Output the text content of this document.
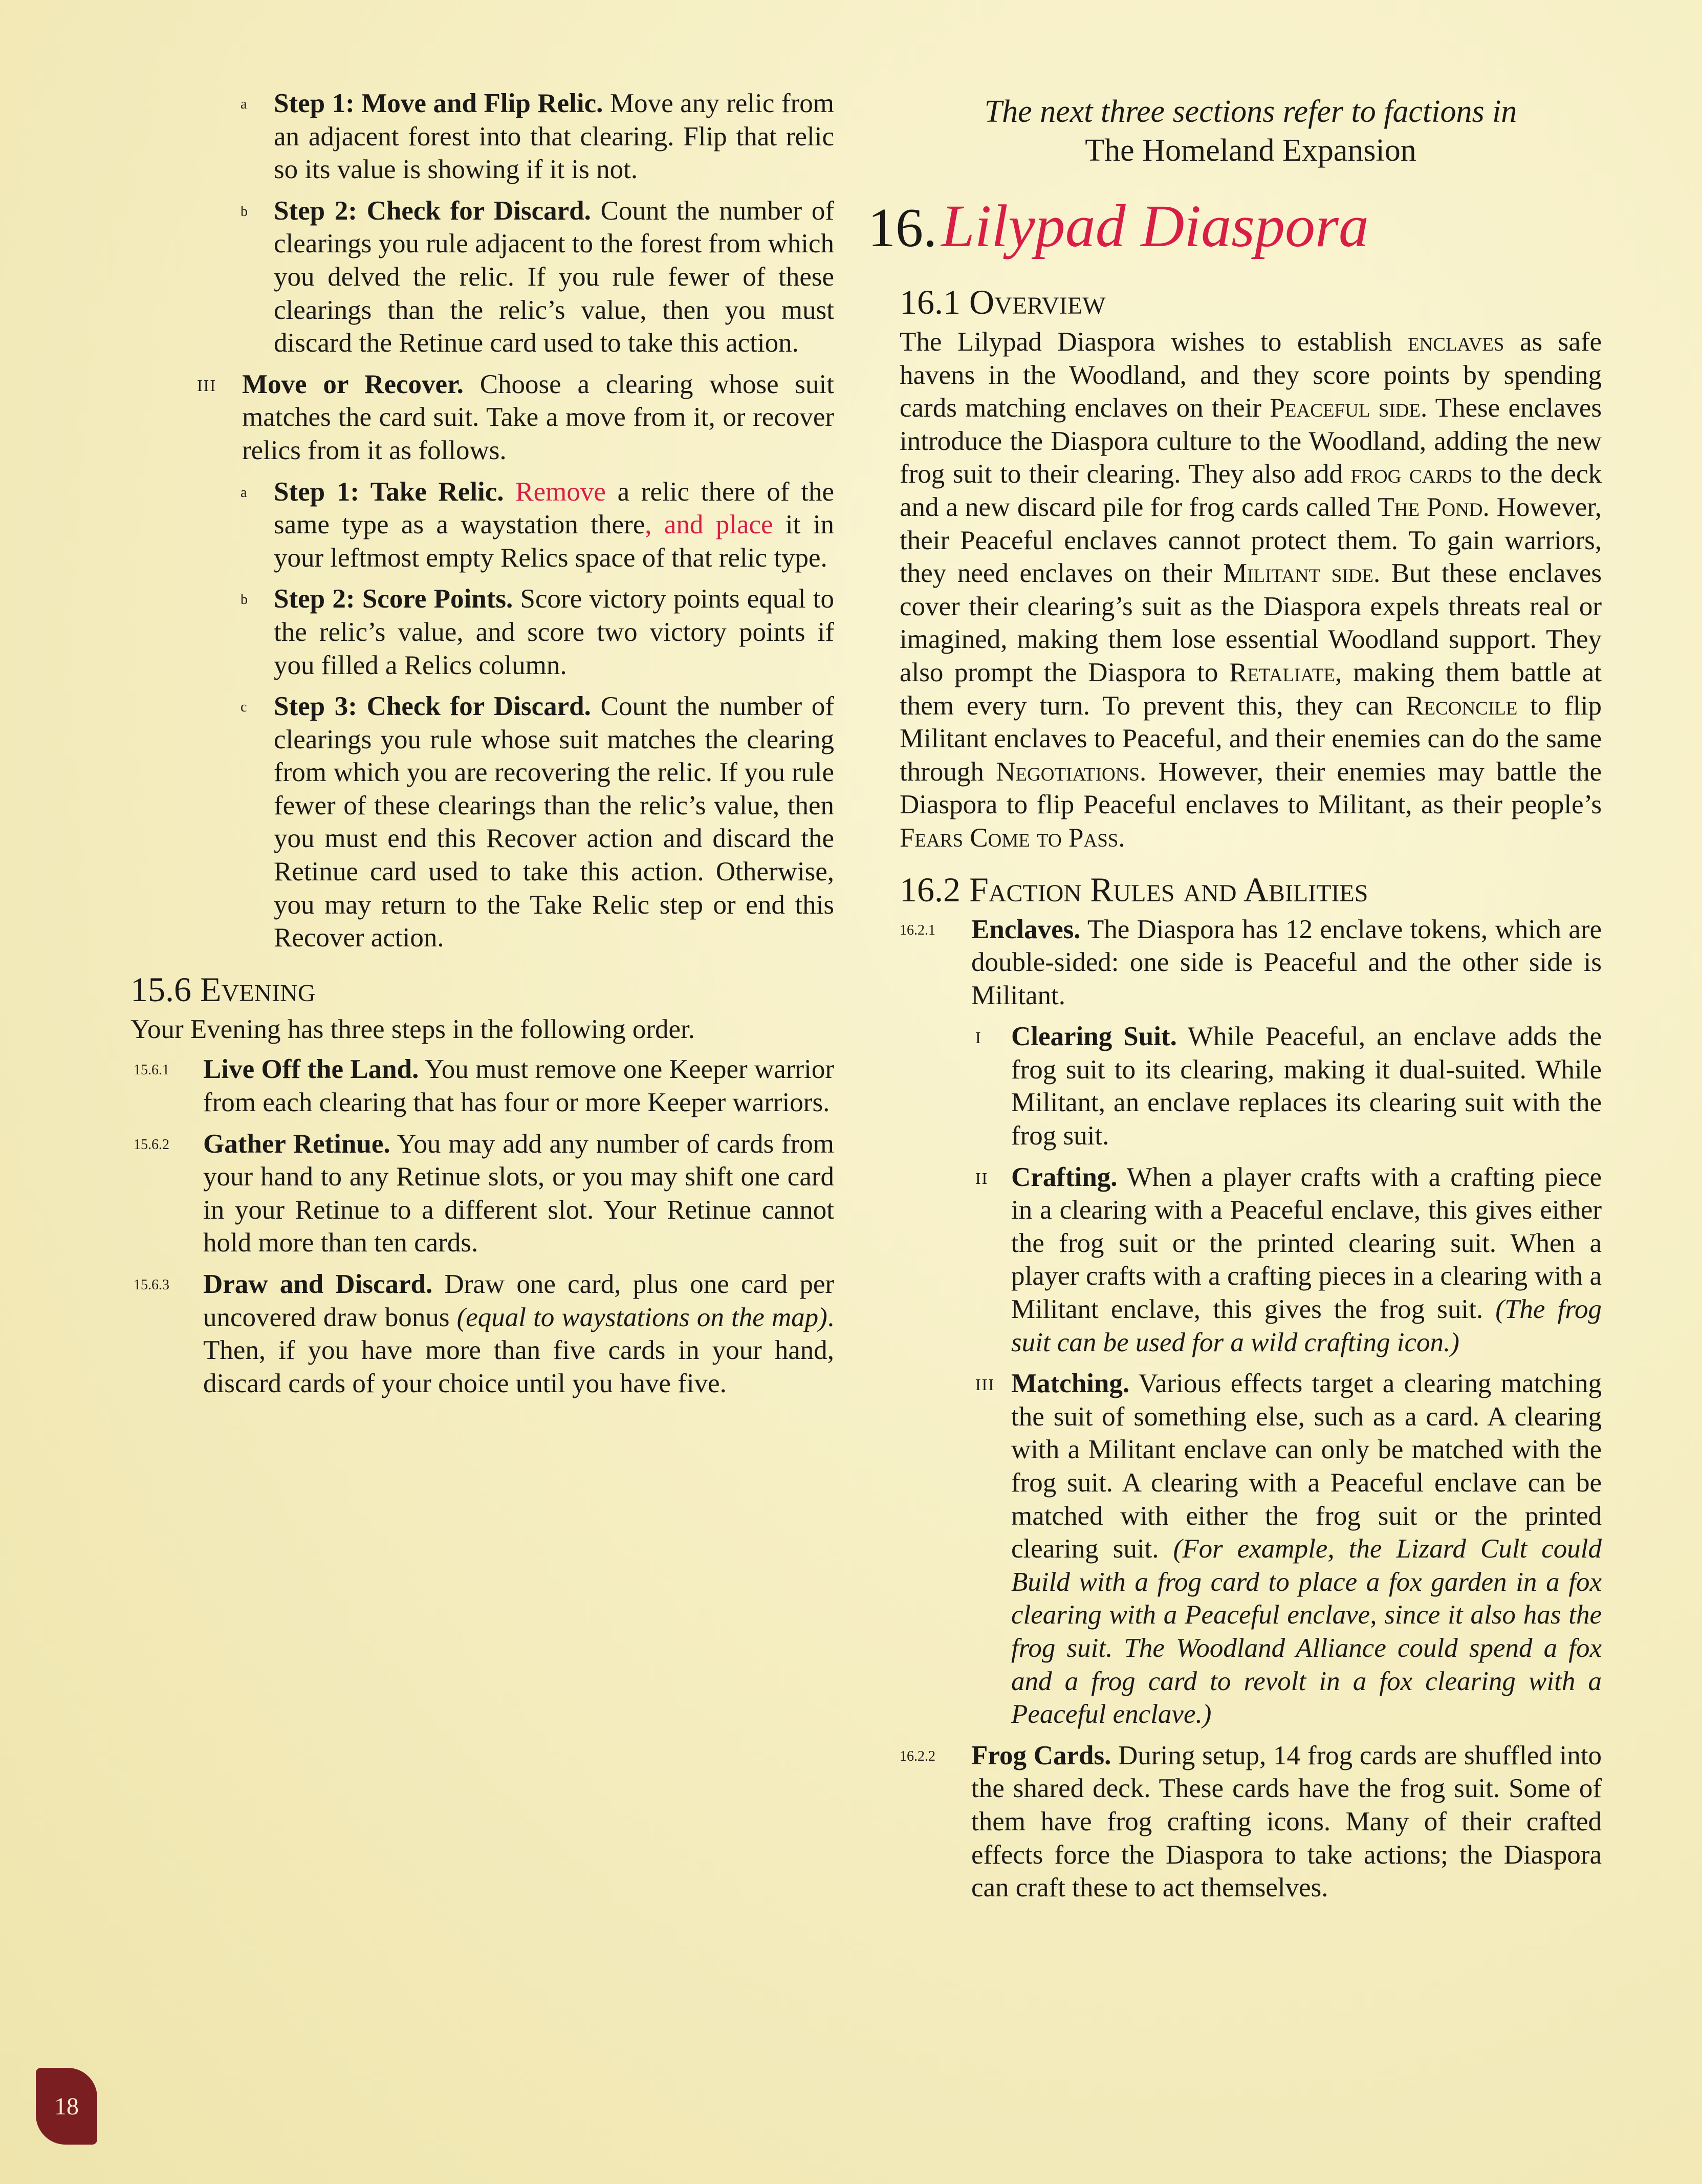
a Step 1: Move and Flip Relic. Move any relic from an adjacent forest into that clearing. Flip that relic so its value is showing if it is not.

b Step 2: Check for Discard. Count the number of clearings you rule adjacent to the forest from which you delved the relic. If you rule fewer of these clearings than the relic’s value, then you must discard the Retinue card used to take this action.

III Move or Recover. Choose a clearing whose suit matches the card suit. Take a move from it, or recover relics from it as follows.

a Step 1: Take Relic. Remove a relic there of the same type as a waystation there, and place it in your leftmost empty Relics space of that relic type.

b Step 2: Score Points. Score victory points equal to the relic’s value, and score two victory points if you filled a Relics column.

c Step 3: Check for Discard. Count the number of clearings you rule whose suit matches the clearing from which you are recovering the relic. If you rule fewer of these clearings than the relic’s value, then you must end this Recover action and discard the Retinue card used to take this action. Otherwise, you may return to the Take Relic step or end this Recover action.

15.6 Evening

Your Evening has three steps in the following order.

15.6.1 Live Off the Land. You must remove one Keeper warrior from each clearing that has four or more Keeper warriors.

15.6.2 Gather Retinue. You may add any number of cards from your hand to any Retinue slots, or you may shift one card in your Retinue to a different slot. Your Retinue cannot hold more than ten cards.

15.6.3 Draw and Discard. Draw one card, plus one card per uncovered draw bonus (equal to waystations on the map). Then, if you have more than five cards in your hand, discard cards of your choice until you have five.

The next three sections refer to factions in
The Homeland Expansion
16. Lilypad Diaspora
16.1 Overview

The Lilypad Diaspora wishes to establish enclaves as safe havens in the Woodland, and they score points by spending cards matching enclaves on their Peaceful side. These enclaves introduce the Diaspora culture to the Woodland, adding the new frog suit to their clearing. They also add frog cards to the deck and a new discard pile for frog cards called The Pond. However, their Peaceful enclaves cannot protect them. To gain warriors, they need enclaves on their Militant side. But these enclaves cover their clearing’s suit as the Diaspora expels threats real or imagined, making them lose essential Woodland support. They also prompt the Diaspora to Retaliate, making them battle at them every turn. To prevent this, they can Reconcile to flip Militant enclaves to Peaceful, and their enemies can do the same through Negotiations. However, their enemies may battle the Diaspora to flip Peaceful enclaves to Militant, as their people’s Fears Come to Pass.

16.2 Faction Rules and Abilities
16.2.1 Enclaves. The Diaspora has 12 enclave tokens, which are double-sided: one side is Peaceful and the other side is Militant.

I Clearing Suit. While Peaceful, an enclave adds the frog suit to its clearing, making it dual-suited. While Militant, an enclave replaces its clearing suit with the frog suit.

II Crafting. When a player crafts with a crafting piece in a clearing with a Peaceful enclave, this gives either the frog suit or the printed clearing suit. When a player crafts with a crafting pieces in a clearing with a Militant enclave, this gives the frog suit. (The frog suit can be used for a wild crafting icon.)

III Matching. Various effects target a clearing matching the suit of something else, such as a card. A clearing with a Militant enclave can only be matched with the frog suit. A clearing with a Peaceful enclave can be matched with either the frog suit or the printed clearing suit. (For example, the Lizard Cult could Build with a frog card to place a fox garden in a fox clearing with a Peaceful enclave, since it also has the frog suit. The Woodland Alliance could spend a fox and a frog card to revolt in a fox clearing with a Peaceful enclave.)

16.2.2 Frog Cards. During setup, 14 frog cards are shuffled into the shared deck. These cards have the frog suit. Some of them have frog crafting icons. Many of their crafted effects force the Diaspora to take actions; the Diaspora can craft these to act themselves.

18
